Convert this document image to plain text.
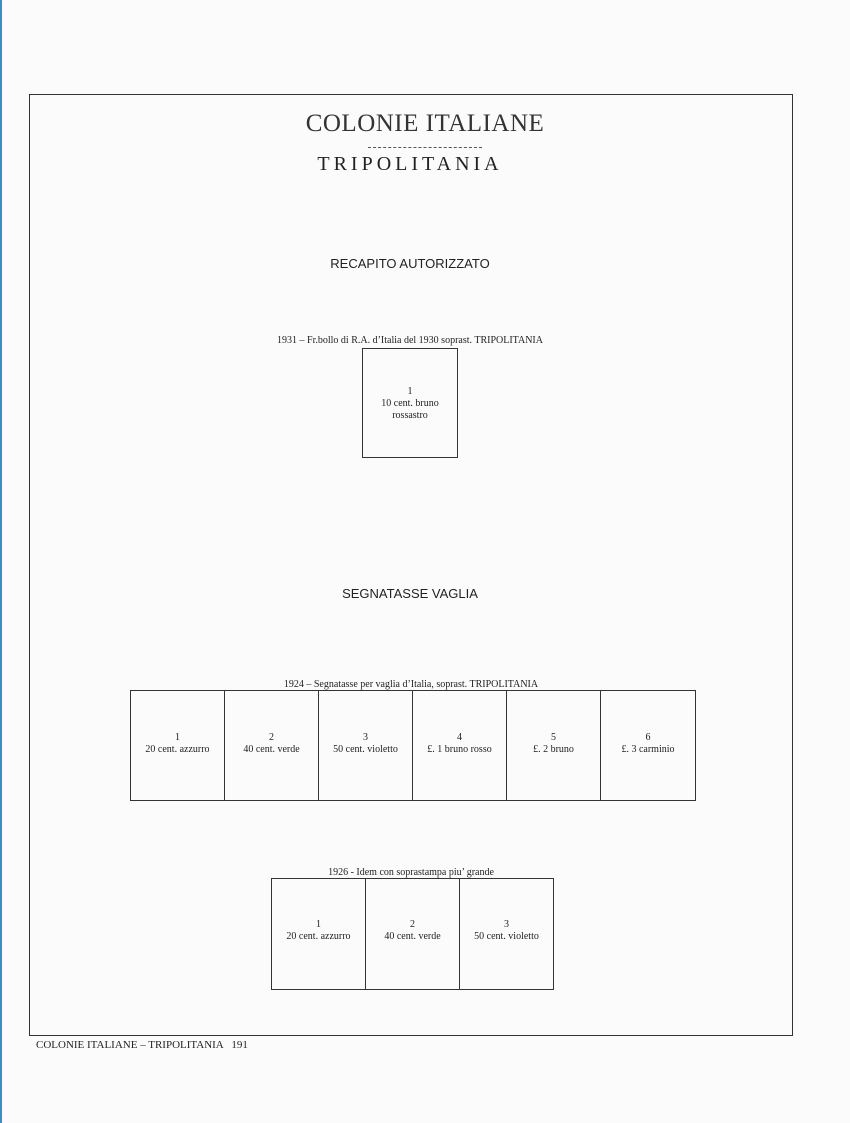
COLONIE ITALIANE
TRIPOLITANIA
RECAPITO AUTORIZZATO
1931 – Fr.bollo di R.A. d’Italia del 1930 soprast. TRIPOLITANIA
1
10 cent. bruno rossastro
SEGNATASSE VAGLIA
1924 – Segnatasse per vaglia d’Italia, soprast. TRIPOLITANIA
1
20 cent. azzurro
2
40 cent. verde
3
50 cent. violetto
4
£. 1 bruno rosso
5
£. 2 bruno
6
£. 3 carminio
1926 - Idem con soprastampa piu’ grande
1
20 cent. azzurro
2
40 cent. verde
3
50 cent. violetto
COLONIE ITALIANE – TRIPOLITANIA   191
